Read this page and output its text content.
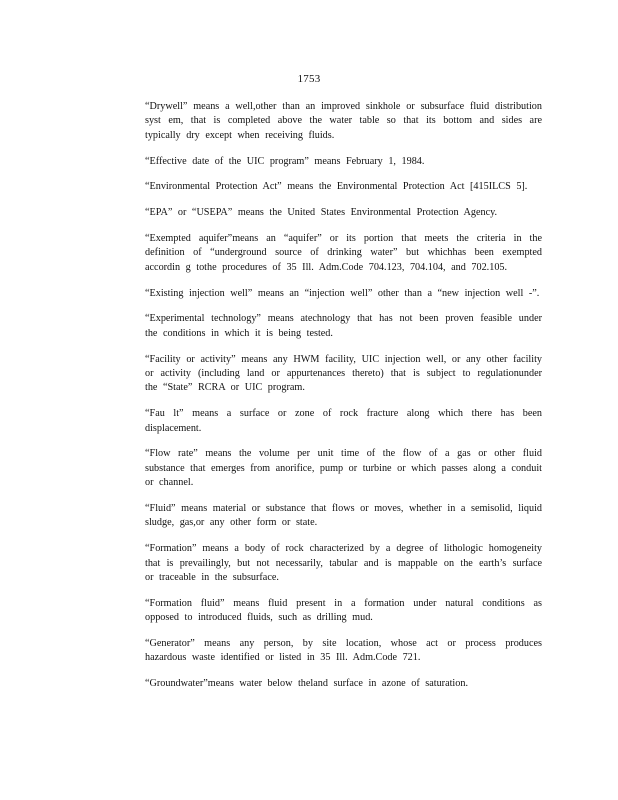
1753

“Drywell” means a well,other than an improved sinkhole or subsurface fluid distribution syst em, that is completed above the water table so that its bottom and sides are typically dry except when receiving fluids.

“Effective date of the UIC program” means February 1, 1984.

“Environmental Protection Act” means the Environmental Protection Act [415ILCS 5].

“EPA” or “USEPA” means the United States Environmental Protection Agency.

“Exempted aquifer”means an “aquifer” or its portion that meets the criteria in the definition of “underground source of drinking water” but whichhas been exempted accordin g tothe procedures of 35 Ill. Adm.Code 704.123, 704.104, and 702.105.

“Existing injection well” means an “injection well” other than a “new injection well -”.

“Experimental technology” means atechnology that has not been proven feasible under the conditions in which it is being tested.

“Facility or activity” means any HWM facility, UIC injection well, or any other facility or activity (including land or appurtenances thereto) that is subject to regulationunder the “State” RCRA or UIC program.

“Fau lt” means a surface or zone of rock fracture along which there has been displacement.

“Flow rate” means the volume per unit time of the flow of a gas or other fluid substance that emerges from anorifice, pump or turbine or which passes along a conduit or channel.

“Fluid” means material or substance that flows or moves, whether in a semisolid, liquid sludge, gas,or any other form or state.

“Formation” means a body of rock characterized by a degree of lithologic homogeneity that is prevailingly, but not necessarily, tabular and is mappable on the earth’s surface or traceable in the subsurface.

“Formation fluid” means fluid present in a formation under natural conditions as opposed to introduced fluids, such as drilling mud.

“Generator” means any person, by site location, whose act or process produces hazardous waste identified or listed in 35 Ill. Adm.Code 721.

“Groundwater”means water below theland surface in azone of saturation.
